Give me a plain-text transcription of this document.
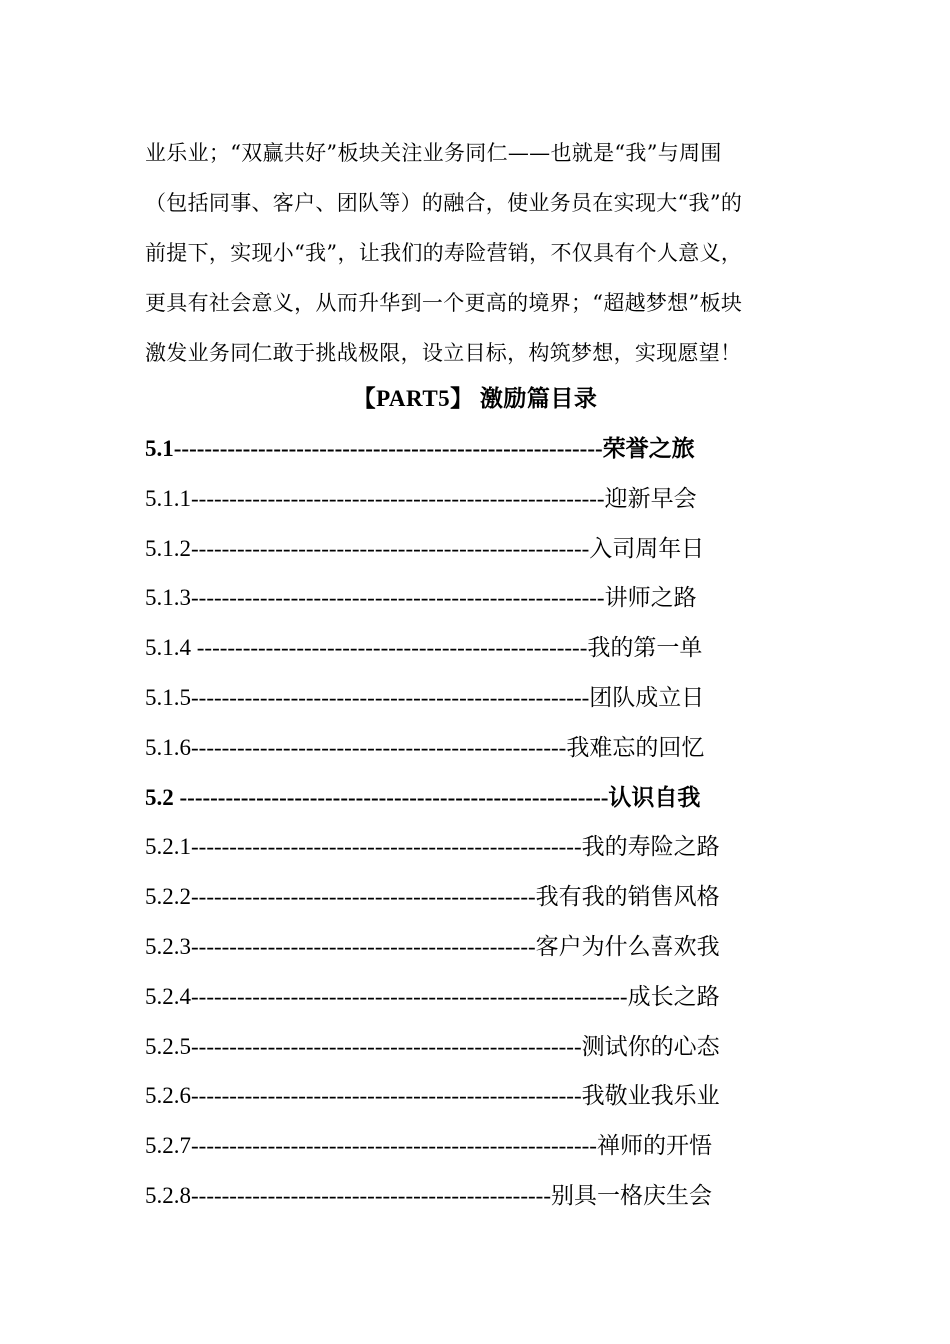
业乐业；“双赢共好”板块关注业务同仁——也就是“我”与周围
（包括同事、客户、团队等）的融合，使业务员在实现大“我”的
前提下，实现小“我”，让我们的寿险营销，不仅具有个人意义，
更具有社会意义，从而升华到一个更高的境界；“超越梦想”板块
激发业务同仁敢于挑战极限，设立目标，构筑梦想，实现愿望！
【PART5】 激励篇目录
5.1--------------------------------------------------------荣誉之旅
5.1.1------------------------------------------------------迎新早会
5.1.2----------------------------------------------------入司周年日
5.1.3------------------------------------------------------讲师之路
5.1.4 ---------------------------------------------------我的第一单
5.1.5----------------------------------------------------团队成立日
5.1.6-------------------------------------------------我难忘的回忆
5.2 --------------------------------------------------------认识自我
5.2.1---------------------------------------------------我的寿险之路
5.2.2---------------------------------------------我有我的销售风格
5.2.3---------------------------------------------客户为什么喜欢我
5.2.4---------------------------------------------------------成长之路
5.2.5---------------------------------------------------测试你的心态
5.2.6---------------------------------------------------我敬业我乐业
5.2.7-----------------------------------------------------禅师的开悟
5.2.8-----------------------------------------------别具一格庆生会
